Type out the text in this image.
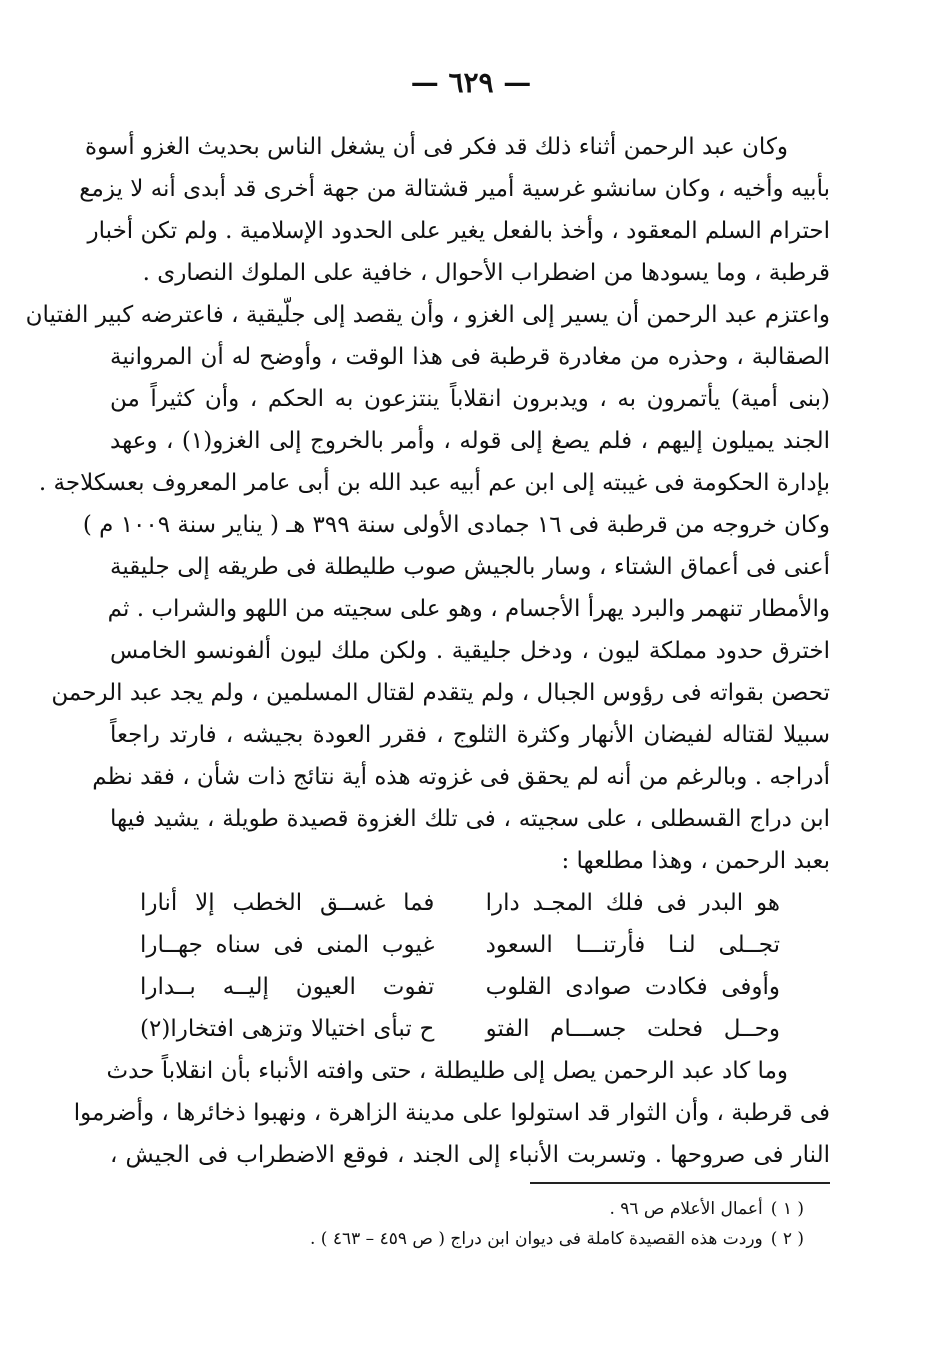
— ٦٢٩ —
وكان عبد الرحمن أثناء ذلك قد فكر فى أن يشغل الناس بحديث الغزو أسوة
بأبيه وأخيه ، وكان سانشو غرسية أمير قشتالة من جهة أخرى قد أبدى أنه لا يزمع
احترام السلم المعقود ، وأخذ بالفعل يغير على الحدود الإسلامية . ولم تكن أخبار
قرطبة ، وما يسودها من اضطراب الأحوال ، خافية على الملوك النصارى .
واعتزم عبد الرحمن أن يسير إلى الغزو ، وأن يقصد إلى جلّيقية ، فاعترضه كبير الفتيان
الصقالبة ، وحذره من مغادرة قرطبة فى هذا الوقت ، وأوضح له أن المروانية
(بنى أمية) يأتمرون به ، ويدبرون انقلاباً ينتزعون به الحكم ، وأن كثيراً من
الجند يميلون إليهم ، فلم يصغ إلى قوله ، وأمر بالخروج إلى الغزو(١) ، وعهد
بإدارة الحكومة فى غيبته إلى ابن عم أبيه عبد الله بن أبى عامر المعروف بعسكلاجة .
وكان خروجه من قرطبة فى ١٦ جمادى الأولى سنة ٣٩٩ هـ ( يناير سنة ١٠٠٩ م )
أعنى فى أعماق الشتاء ، وسار بالجيش صوب طليطلة فى طريقه إلى جليقية
والأمطار تنهمر والبرد يهرأ الأجسام ، وهو على سجيته من اللهو والشراب . ثم
اخترق حدود مملكة ليون ، ودخل جليقية . ولكن ملك ليون ألفونسو الخامس
تحصن بقواته فى رؤوس الجبال ، ولم يتقدم لقتال المسلمين ، ولم يجد عبد الرحمن
سبيلا لقتاله لفيضان الأنهار وكثرة الثلوج ، فقرر العودة بجيشه ، فارتد راجعاً
أدراجه . وبالرغم من أنه لم يحقق فى غزوته هذه أية نتائج ذات شأن ، فقد نظم
ابن دراج القسطلى ، على سجيته ، فى تلك الغزوة قصيدة طويلة ، يشيد فيها
بعبد الرحمن ، وهذا مطلعها :
هو البدر فى فلك المجـد دارا
فما غســق الخطب إلا أنارا
تجــلى لنـا فأرتنـــا السعود
غيوب المنى فى سناه جهــارا
وأوفى فكادت صوادى القلوب
تفوت العيون إليــه بــدارا
وحــل فحلت جســـام الفتو
ح تبأى اختيالا وتزهى افتخارا(٢)
وما كاد عبد الرحمن يصل إلى طليطلة ، حتى وافته الأنباء بأن انقلاباً حدث
فى قرطبة ، وأن الثوار قد استولوا على مدينة الزاهرة ، ونهبوا ذخائرها ، وأضرموا
النار فى صروحها . وتسربت الأنباء إلى الجند ، فوقع الاضطراب فى الجيش ،
( ١ )أعمال الأعلام ص ٩٦ .
( ٢ )وردت هذه القصيدة كاملة فى ديوان ابن دراج ( ص ٤٥٩ – ٤٦٣ ) .
